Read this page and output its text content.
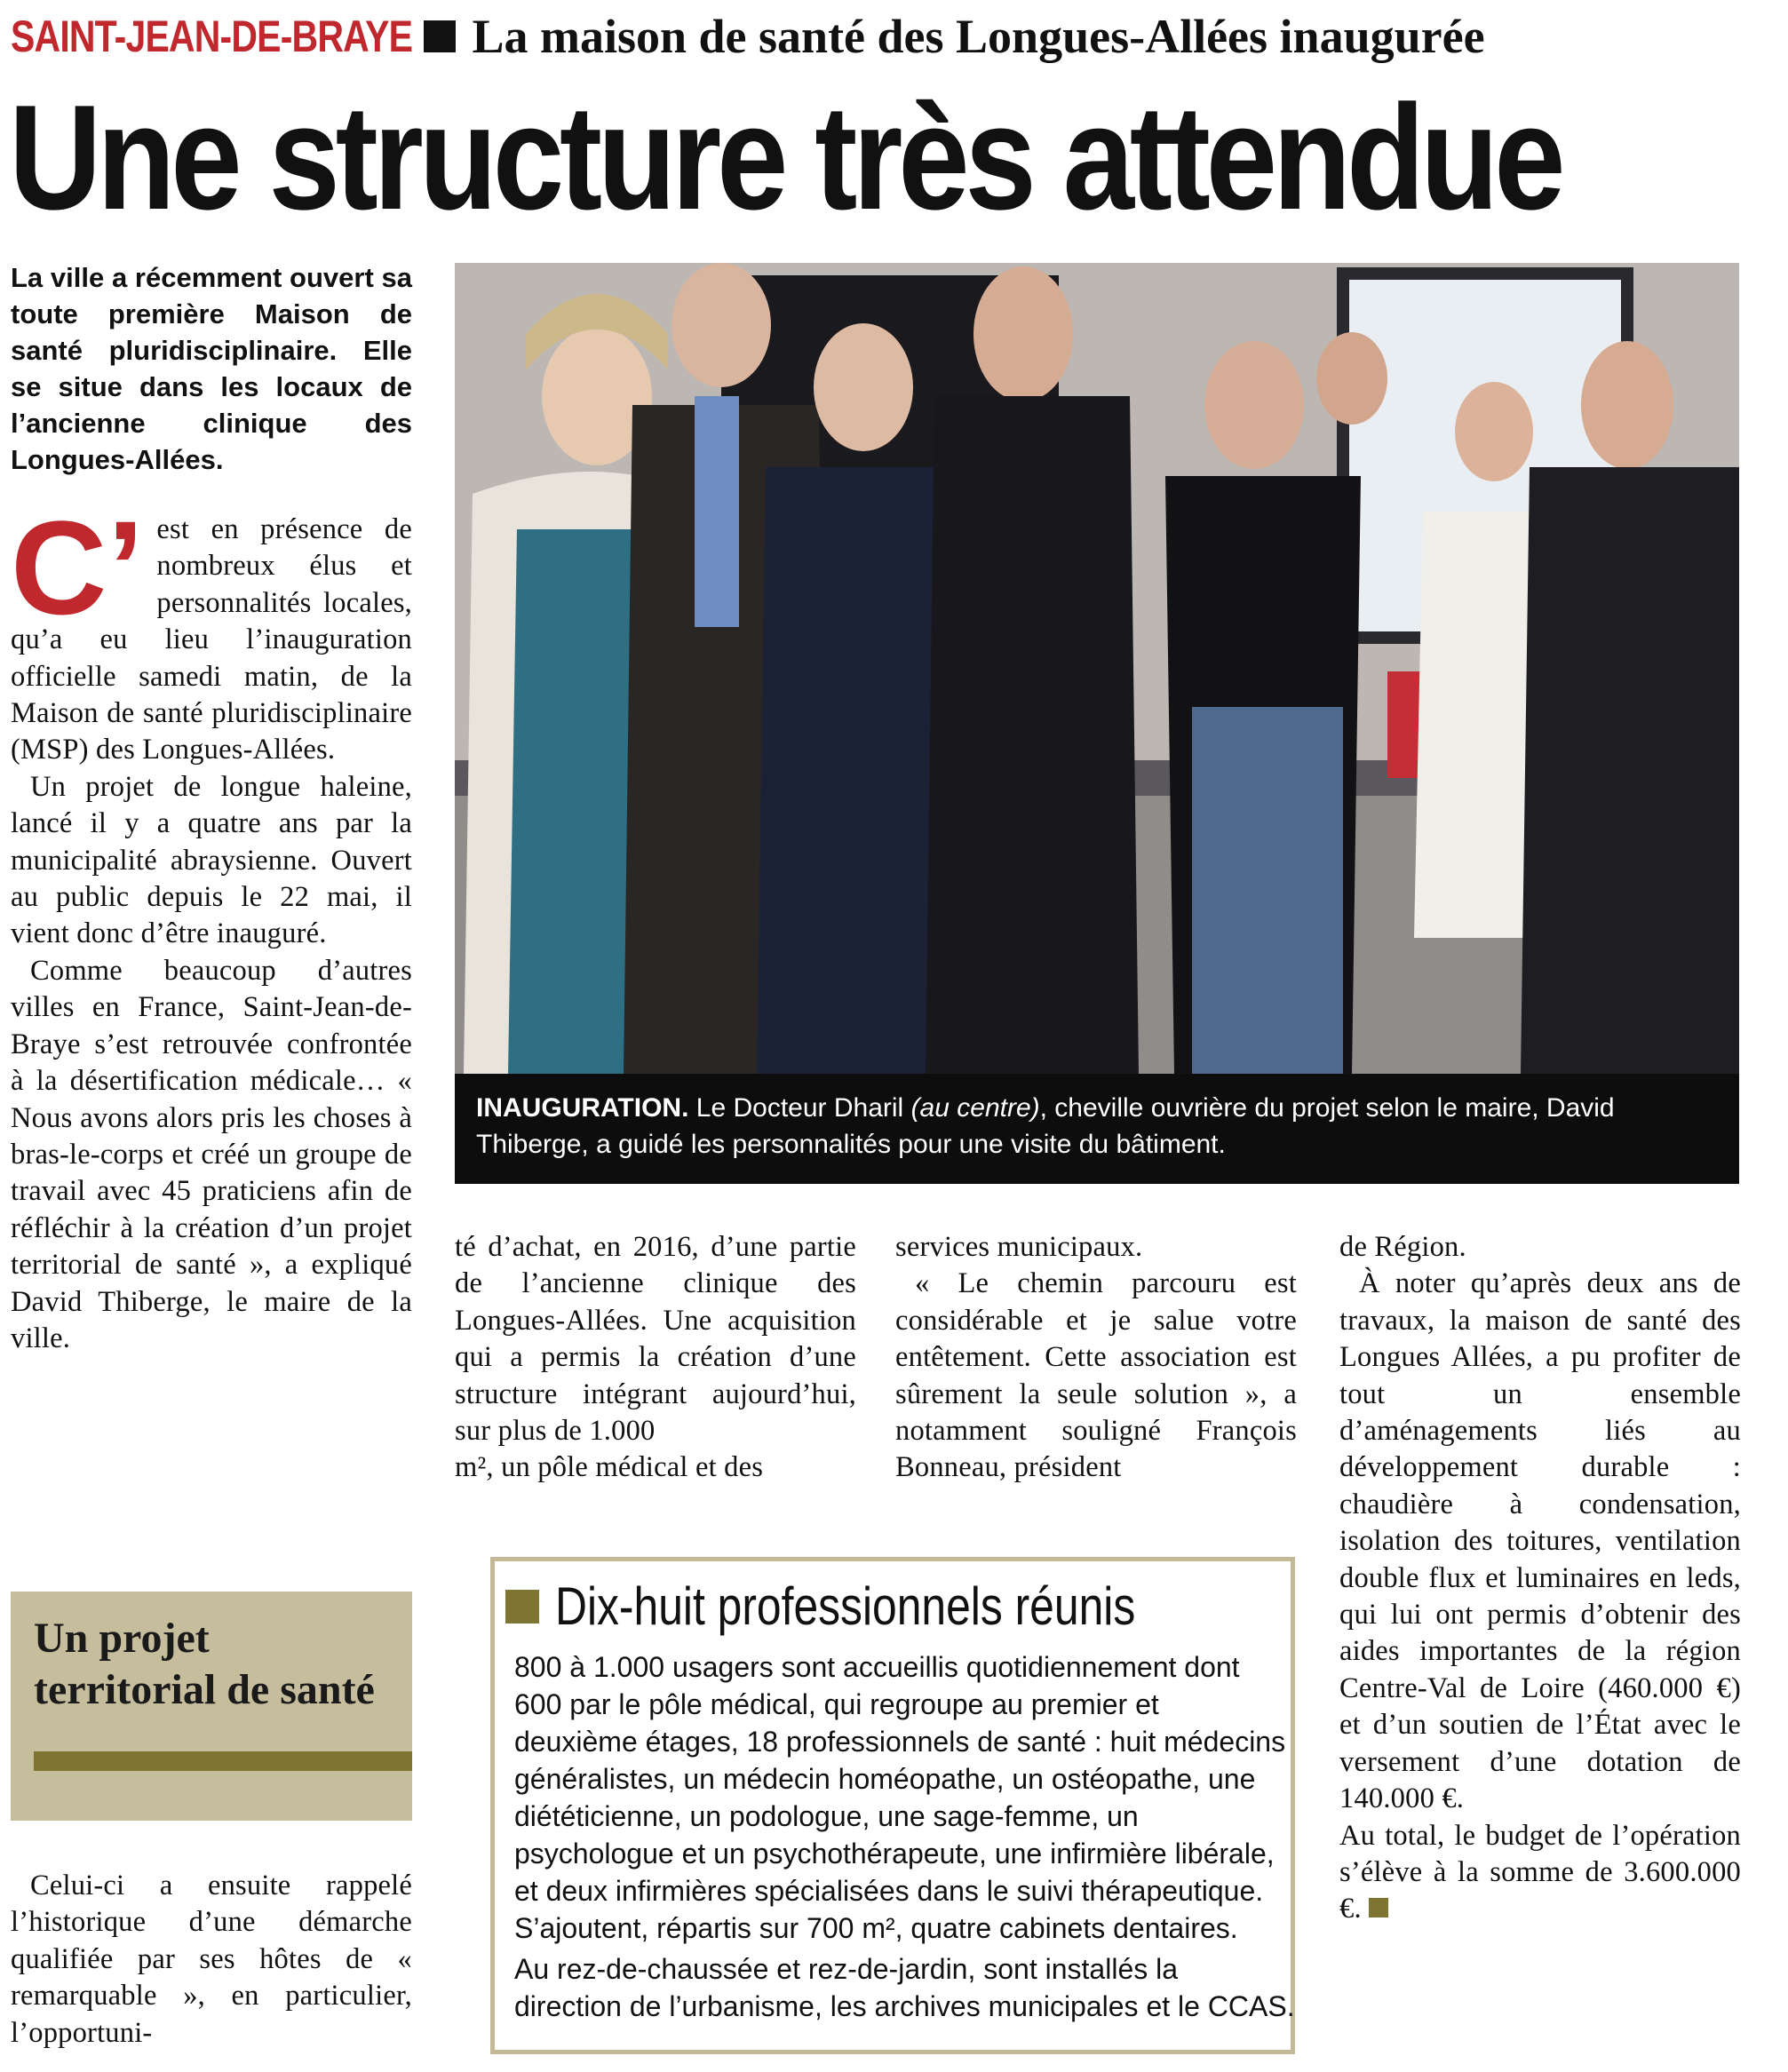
SAINT-JEAN-DE-BRAYE La maison de santé des Longues-Allées inaugurée
Une structure très attendue
La ville a récemment ouvert sa toute première Maison de santé pluridisciplinaire. Elle se situe dans les locaux de l’ancienne clinique des Longues-Allées.

C’ est en présence de nombreux élus et personnalités locales, qu’a eu lieu l’inauguration officielle samedi matin, de la Maison de santé pluridisciplinaire (MSP) des Longues-Allées.

Un projet de longue haleine, lancé il y a quatre ans par la municipalité abraysienne. Ouvert au public depuis le 22 mai, il vient donc d’être inauguré.

Comme beaucoup d’autres villes en France, Saint-Jean-de-Braye s’est retrouvée confrontée à la désertification médicale… « Nous avons alors pris les choses à bras-le-corps et créé un groupe de travail avec 45 praticiens afin de réfléchir à la création d’un projet territorial de santé », a expliqué David Thiberge, le maire de la ville.

Photo : inauguration de la Maison de santé
INAUGURATION. Le Docteur Dharil (au centre), cheville ouvrière du projet selon le maire, David Thiberge, a guidé les personnalités pour une visite du bâtiment.

té d’achat, en 2016, d’une partie de l’ancienne clinique des Longues-Allées. Une acquisition qui a permis la création d’une structure intégrant aujourd’hui, sur plus de 1.000

m², un pôle médical et des

services municipaux.

« Le chemin parcouru est considérable et je salue votre entêtement. Cette association est sûrement la seule solution », a notamment souligné François Bonneau, président

de Région.

À noter qu’après deux ans de travaux, la maison de santé des Longues Allées, a pu profiter de tout un ensemble d’aménagements liés au développement durable : chaudière à condensation, isolation des toitures, ventilation double flux et luminaires en leds, qui lui ont permis d’obtenir des aides importantes de la région Centre-Val de Loire (460.000 €) et d’un soutien de l’État avec le versement d’une dotation de 140.000 €.

Au total, le budget de l’opération s’élève à la somme de 3.600.000 €.

Dix-huit professionnels réunis

800 à 1.000 usagers sont accueillis quotidiennement dont
600 par le pôle médical, qui regroupe au premier et
deuxième étages, 18 professionnels de santé : huit médecins
généralistes, un médecin homéopathe, un ostéopathe, une
diététicienne, un podologue, une sage-femme, un
psychologue et un psychothérapeute, une infirmière libérale,
et deux infirmières spécialisées dans le suivi thérapeutique.
S’ajoutent, répartis sur 700 m², quatre cabinets dentaires.

Au rez-de-chaussée et rez-de-jardin, sont installés la
direction de l’urbanisme, les archives municipales et le CCAS.

Un projet territorial de santé

Celui-ci a ensuite rappelé l’historique d’une démarche qualifiée par ses hôtes de « remarquable », en particulier, l’opportuni-
